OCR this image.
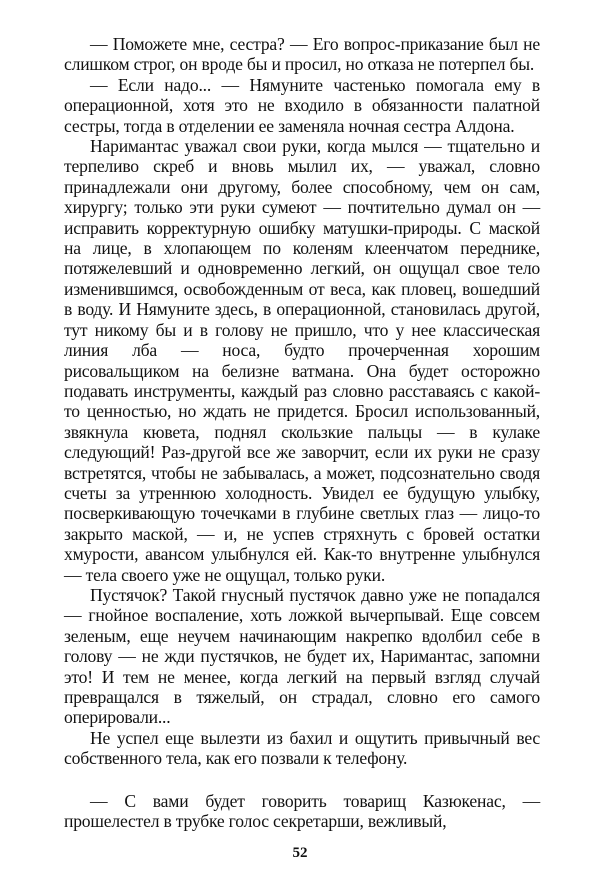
— Поможете мне, сестра? — Его вопрос-приказание был не слишком строг, он вроде бы и просил, но отказа не потерпел бы.

— Если надо... — Нямуните частенько помогала ему в операционной, хотя это не входило в обязанности палатной сестры, тогда в отделении ее заменяла ночная сестра Алдона.

Наримантас уважал свои руки, когда мылся — тщательно и терпеливо скреб и вновь мылил их, — уважал, словно принадлежали они другому, более способному, чем он сам, хирургу; только эти руки сумеют — почтительно думал он — исправить корректурную ошибку матушки-природы. С маской на лице, в хлопающем по коленям клеенчатом переднике, потяжелевший и одновременно легкий, он ощущал свое тело изменившимся, освобожденным от веса, как пловец, вошедший в воду. И Нямуните здесь, в операционной, становилась другой, тут никому бы и в голову не пришло, что у нее классическая линия лба — носа, будто прочерченная хорошим рисовальщиком на белизне ватмана. Она будет осторожно подавать инструменты, каждый раз словно расставаясь с какой-то ценностью, но ждать не придется. Бросил использованный, звякнула кювета, поднял скользкие пальцы — в кулаке следующий! Раз-другой все же заворчит, если их руки не сразу встретятся, чтобы не забывалась, а может, подсознательно сводя счеты за утреннюю холодность. Увидел ее будущую улыбку, посверкивающую точечками в глубине светлых глаз — лицо-то закрыто маской, — и, не успев стряхнуть с бровей остатки хмурости, авансом улыбнулся ей. Как-то внутренне улыбнулся — тела своего уже не ощущал, только руки.

Пустячок? Такой гнусный пустячок давно уже не попадался — гнойное воспаление, хоть ложкой вычерпывай. Еще совсем зеленым, еще неучем начинающим накрепко вдолбил себе в голову — не жди пустячков, не будет их, Наримантас, запомни это! И тем не менее, когда легкий на первый взгляд случай превращался в тяжелый, он страдал, словно его самого оперировали...

Не успел еще вылезти из бахил и ощутить привычный вес собственного тела, как его позвали к телефону.

— С вами будет говорить товарищ Казюкенас, — прошелестел в трубке голос секретарши, вежливый,

52
